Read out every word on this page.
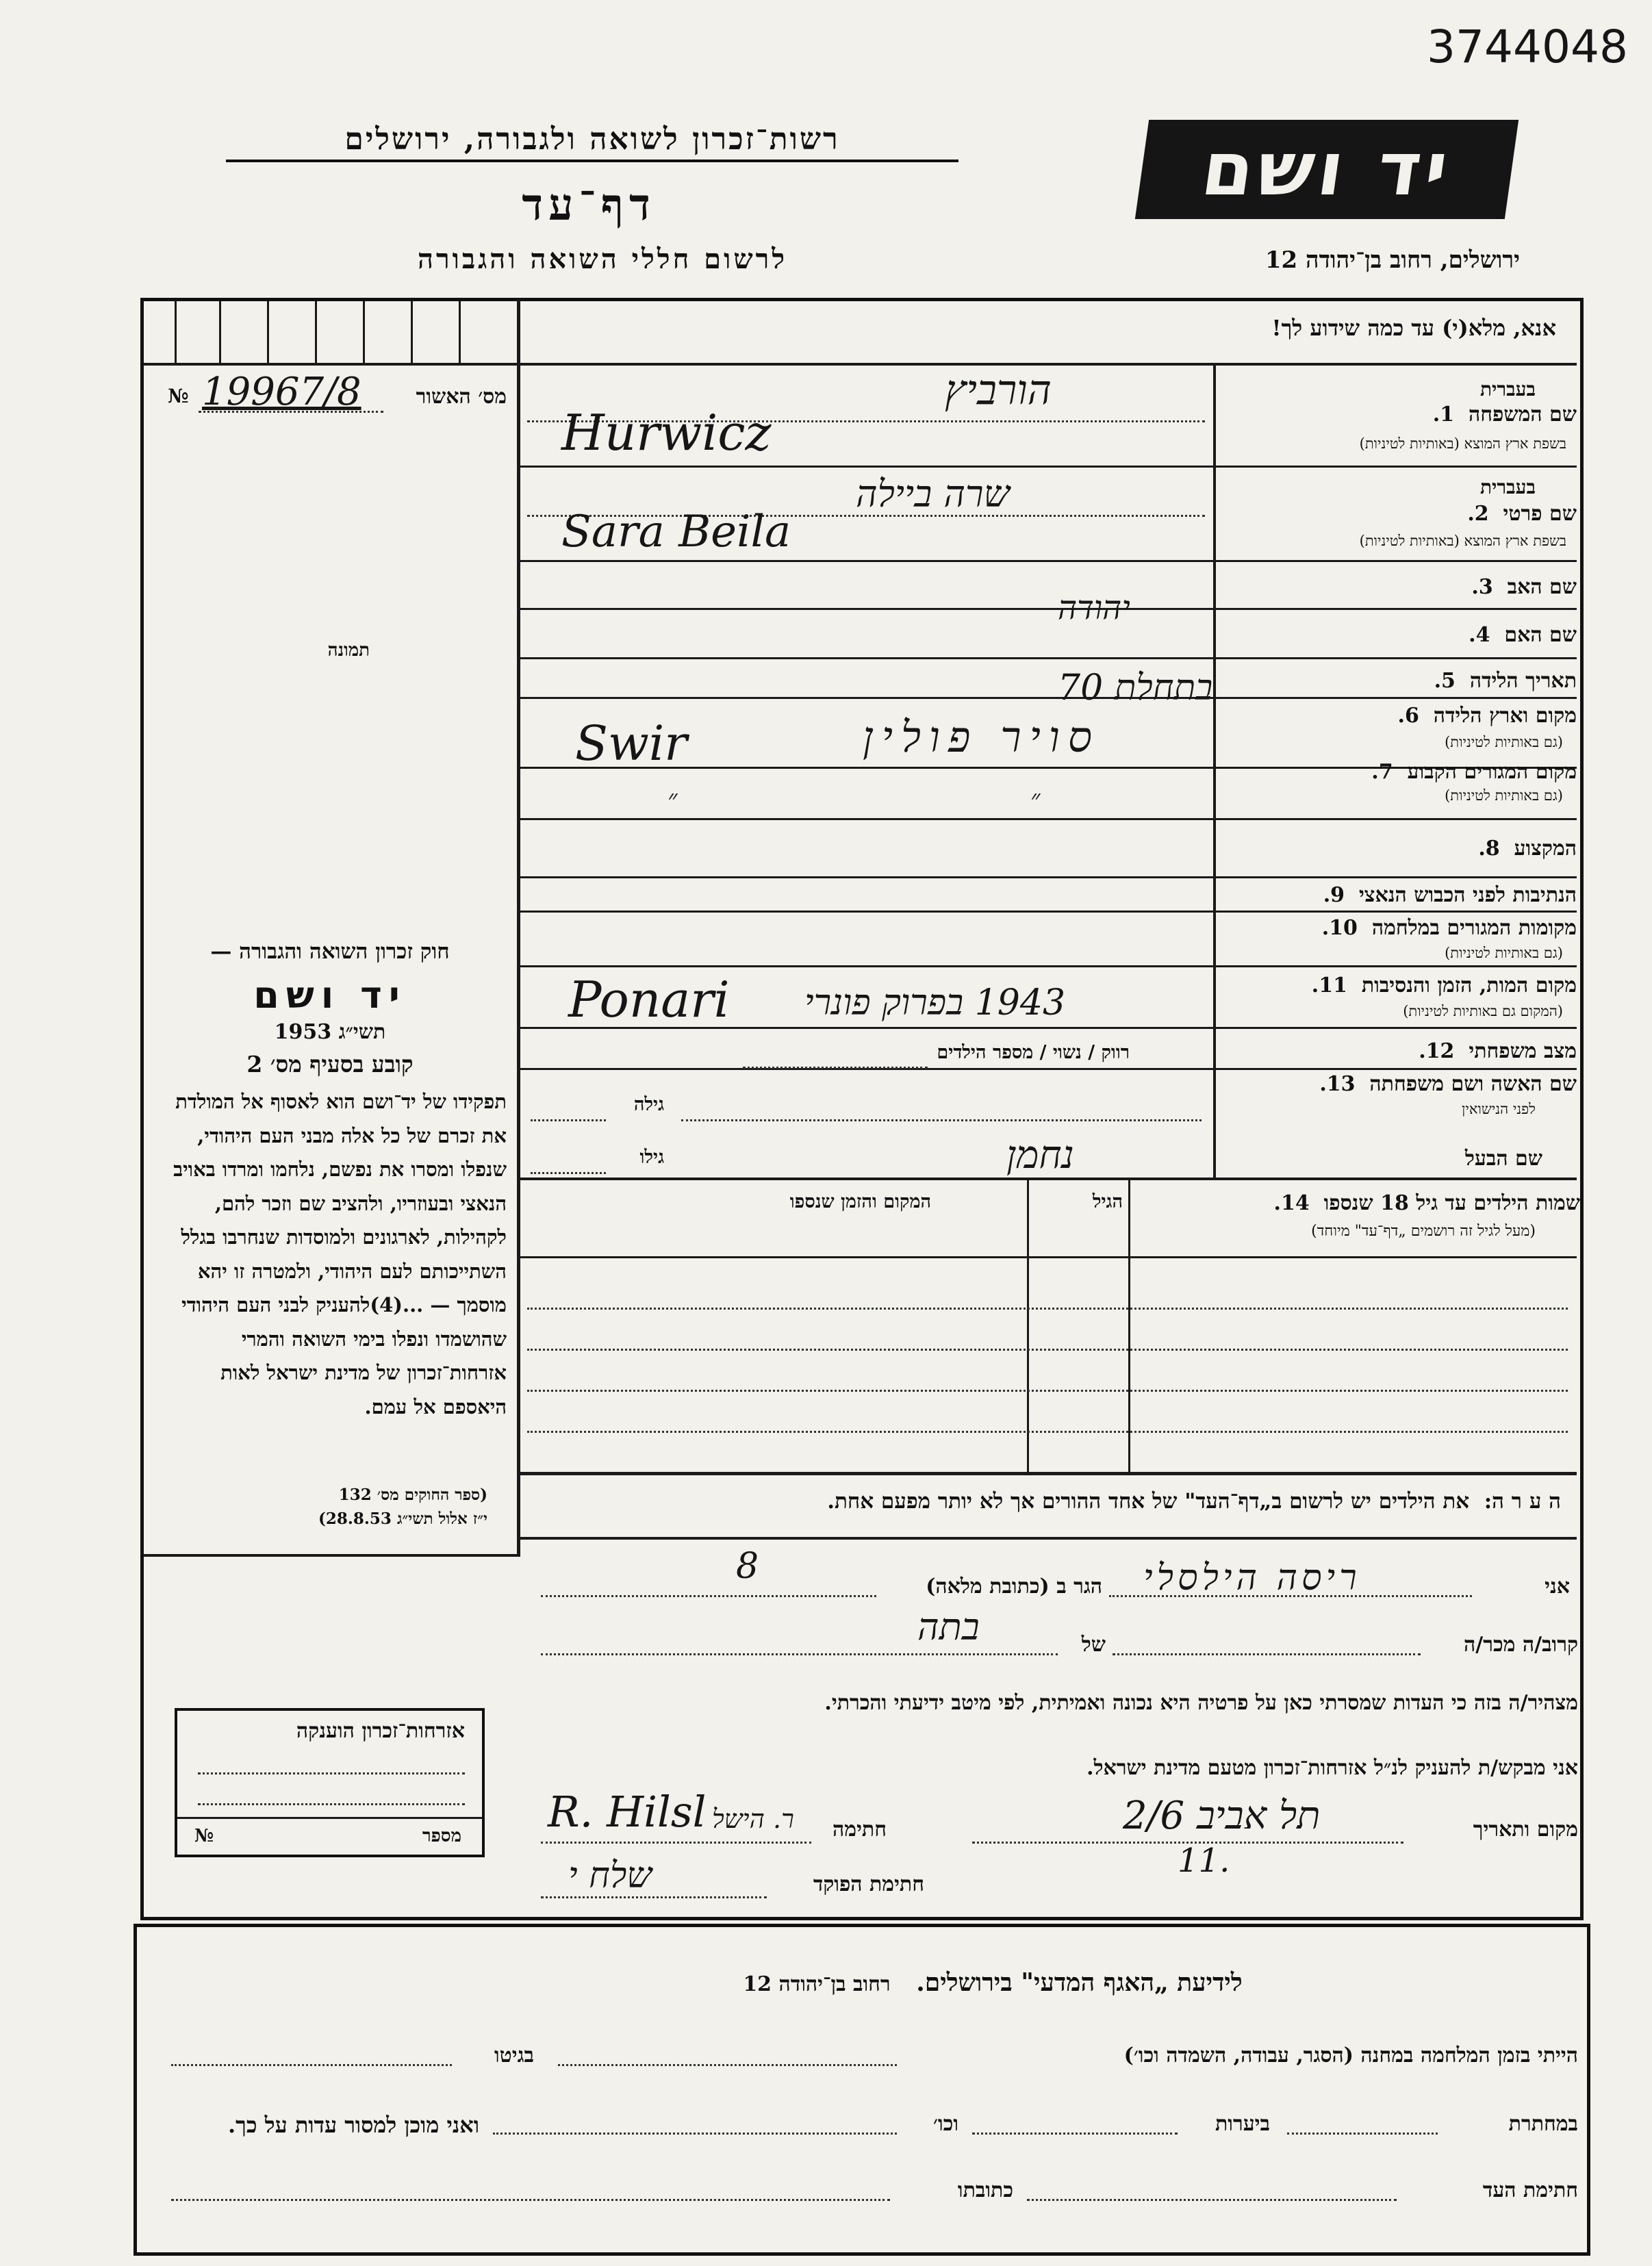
3744048
רשות־זכרון לשואה ולגבורה, ירושלים
דף־עד
לרשום חללי השואה והגבורה
יד ושם
ירושלים, רחוב בן־יהודה 12
אנא, מלא(י) עד כמה שידוע לך!
מס׳ האשור
№ 19967/8
תמונה
בעברית
בעברית
שם המשפחה  1.
בשפת ארץ המוצא (באותיות לטיניות)
שם פרטי  2.
בשפת ארץ המוצא (באותיות לטיניות)
שם האב  3.
שם האם  4.
תאריך הלידה  5.
מקום וארץ הלידה  6.
(גם באותיות לטיניות)
מקום המגורים הקבוע  7.
(גם באותיות לטיניות)
המקצוע  8.
הנתיבות לפני הכבוש הנאצי  9.
מקומות המגורים במלחמה  10.
(גם באותיות לטיניות)
מקום המות, הזמן והנסיבות  11.
(המקום גם באותיות לטיניות)
מצב משפחתי  12.
שם האשה ושם משפחתה  13.
לפני הנישואין
שם הבעל
רווק / נשוי / מספר הילדים
גילה
גילו
הורביץ
Hurwicz
שרה ביילה
Sara Beila
יהודה
בתחלת 70
סויר פולין
Swir
״	״
Ponari 1943 בפרוק פונרי
נחמן
שמות הילדים עד גיל 18 שנספו  14.
(מעל לגיל זה רושמים „דף־עד" מיוחד)
הגיל
המקום והזמן שנספו
חוק זכרון השואה והגבורה —
יד ושם
תשי״ג 1953
קובע בסעיף מס׳ 2
תפקידו של יד־ושם הוא לאסוף אל המולדת את זכרם של כל אלה מבני העם היהודי, שנפלו ומסרו את נפשם, נלחמו ומרדו באויב הנאצי ובעוזריו, ולהציב שם וזכר להם, לקהילות, לארגונים ולמוסדות שנחרבו בגלל השתייכותם לעם היהודי, ולמטרה זו יהא מוסמך — ...(4)להעניק לבני העם היהודי שהושמדו ונפלו בימי השואה והמרי אזרחות־זכרון של מדינת ישראל לאות היאספם אל עמם.
(ספר החוקים מס׳ 132
י״ז אלול תשי״ג 28.8.53)
ה ע ר ה:  את הילדים יש לרשום ב„דף־העד" של אחד ההורים אך לא יותר מפעם אחת.
אני
ריסה הילסלי
הגר ב (כתובת מלאה)
8
קרוב/ה מכר/ה
של
בתה
מצהיר/ה בזה כי העדות שמסרתי כאן על פרטיה היא נכונה ואמיתית, לפי מיטב ידיעתי והכרתי.
אני מבקש/ת להעניק לנ״ל אזרחות־זכרון מטעם מדינת ישראל.
מקום ותאריך
תל אביב 2/6
11.
חתימה
R. Hilsl ר. הישל
חתימת הפוקד
שלח י
אזרחות־זכרון הוענקה
מספר
№
לידיעת „האגף המדעי" בירושלים.   רחוב בן־יהודה 12
הייתי בזמן המלחמה במחנה (הסגר, עבודה, השמדה וכו׳)
בגיטו
במחתרת
ביערות
וכו׳
ואני מוכן למסור עדות על כך.
חתימת העד
כתובתו
